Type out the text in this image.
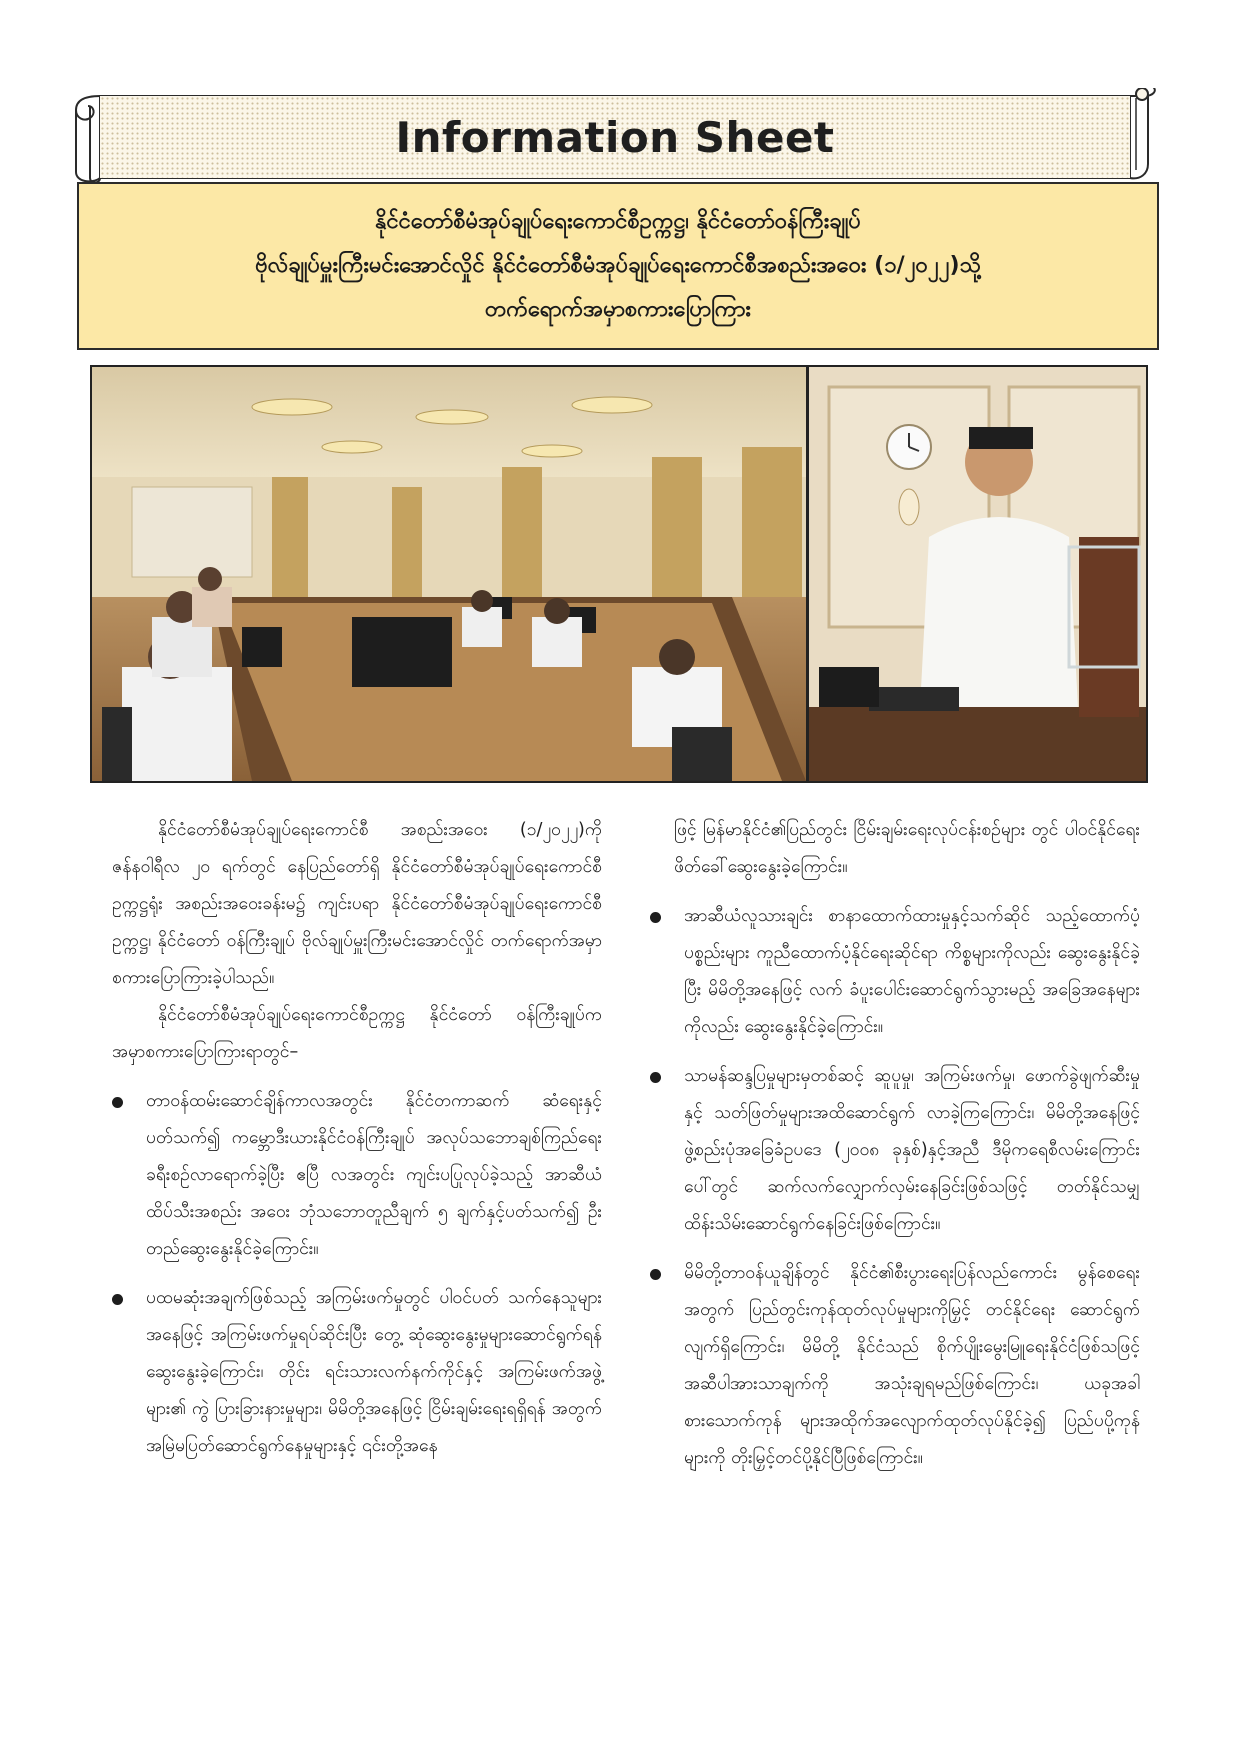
Information Sheet
နိုင်ငံတော်စီမံအုပ်ချုပ်ရေးကောင်စီဥက္ကဋ္ဌ၊ နိုင်ငံတော်ဝန်ကြီးချုပ်
ဗိုလ်ချုပ်မှူးကြီးမင်းအောင်လှိုင် နိုင်ငံတော်စီမံအုပ်ချုပ်ရေးကောင်စီအစည်းအဝေး (၁/၂၀၂၂)သို့
တက်ရောက်အမှာစကားပြောကြား

နိုင်ငံတော်စီမံအုပ်ချုပ်ရေးကောင်စီ အစည်းအဝေး (၁/၂၀၂၂)ကို ဇန်နဝါရီလ ၂၀ ရက်တွင် နေပြည်တော်ရှိ နိုင်ငံတော်စီမံအုပ်ချုပ်ရေးကောင်စီဥက္ကဋ္ဌရုံး အစည်းအဝေးခန်းမ၌ ကျင်းပရာ နိုင်ငံတော်စီမံအုပ်ချုပ်ရေးကောင်စီဥက္ကဋ္ဌ၊ နိုင်ငံတော် ဝန်ကြီးချုပ် ဗိုလ်ချုပ်မှူးကြီးမင်းအောင်လှိုင် တက်ရောက်အမှာ စကားပြောကြားခဲ့ပါသည်။

နိုင်ငံတော်စီမံအုပ်ချုပ်ရေးကောင်စီဥက္ကဋ္ဌ နိုင်ငံတော် ဝန်ကြီးချုပ်က အမှာစကားပြောကြားရာတွင်–

တာဝန်ထမ်းဆောင်ချိန်ကာလအတွင်း နိုင်ငံတကာဆက် ဆံရေးနှင့်ပတ်သက်၍ ကမ္ဘောဒီးယားနိုင်ငံဝန်ကြီးချုပ် အလုပ်သဘောချစ်ကြည်ရေးခရီးစဉ်လာရောက်ခဲ့ပြီး ဧပြီ လအတွင်း ကျင်းပပြုလုပ်ခဲ့သည့် အာဆီယံထိပ်သီးအစည်း အဝေး ဘုံသဘောတူညီချက် ၅ ချက်နှင့်ပတ်သက်၍ ဦး တည်ဆွေးနွေးနိုင်ခဲ့ကြောင်း။
ပထမဆုံးအချက်ဖြစ်သည့် အကြမ်းဖက်မှုတွင် ပါဝင်ပတ် သက်နေသူများအနေဖြင့် အကြမ်းဖက်မှုရပ်ဆိုင်းပြီး တွေ့ ဆုံဆွေးနွေးမှုများဆောင်ရွက်ရန်ဆွေးနွေးခဲ့ကြောင်း၊ တိုင်း ရင်းသားလက်နက်ကိုင်နှင့် အကြမ်းဖက်အဖွဲ့များ၏ ကွဲ ပြားခြားနားမှုများ၊ မိမိတို့အနေဖြင့် ငြိမ်းချမ်းရေးရရှိရန် အတွက် အမြဲမပြတ်ဆောင်ရွက်နေမှုများနှင့် ၎င်းတို့အနေ

ဖြင့် မြန်မာနိုင်ငံ၏ပြည်တွင်း ငြိမ်းချမ်းရေးလုပ်ငန်းစဉ်များ တွင် ပါဝင်နိုင်ရေးဖိတ်ခေါ်ဆွေးနွေးခဲ့ကြောင်း။

အာဆီယံလူသားချင်း စာနာထောက်ထားမှုနှင့်သက်ဆိုင် သည့်ထောက်ပံ့ပစ္စည်းများ ကူညီထောက်ပံ့နိုင်ရေးဆိုင်ရာ ကိစ္စများကိုလည်း ဆွေးနွေးနိုင်ခဲ့ပြီး မိမိတို့အနေဖြင့် လက် ခံပူးပေါင်းဆောင်ရွက်သွားမည့် အခြေအနေများကိုလည်း ဆွေးနွေးနိုင်ခဲ့ကြောင်း။
သာမန်ဆန္ဒပြမှုများမှတစ်ဆင့် ဆူပူမှု၊ အကြမ်းဖက်မှု၊ ဖောက်ခွဲဖျက်ဆီးမှုနှင့် သတ်ဖြတ်မှုများအထိဆောင်ရွက် လာခဲ့ကြကြောင်း၊ မိမိတို့အနေဖြင့် ဖွဲ့စည်းပုံအခြေခံဥပဒေ (၂၀၀၈ ခုနှစ်)နှင့်အညီ ဒီမိုကရေစီလမ်းကြောင်းပေါ်တွင် ဆက်လက်လျှောက်လှမ်းနေခြင်းဖြစ်သဖြင့် တတ်နိုင်သမျှ ထိန်းသိမ်းဆောင်ရွက်နေခြင်းဖြစ်ကြောင်း။
မိမိတို့တာဝန်ယူချိန်တွင် နိုင်ငံ၏စီးပွားရေးပြန်လည်ကောင်း မွန်စေရေးအတွက် ပြည်တွင်းကုန်ထုတ်လုပ်မှုများကိုမြှင့် တင်နိုင်ရေး ဆောင်ရွက်လျက်ရှိကြောင်း၊ မိမိတို့ နိုင်ငံသည် စိုက်ပျိုးမွေးမြူရေးနိုင်ငံဖြစ်သဖြင့် အဆီပါအားသာချက်ကို အသုံးချရမည်ဖြစ်ကြောင်း၊ ယခုအခါ စားသောက်ကုန် များအထိုက်အလျောက်ထုတ်လုပ်နိုင်ခဲ့၍ ပြည်ပပို့ကုန် များကို တိုးမြှင့်တင်ပို့နိုင်ပြီဖြစ်ကြောင်း။
